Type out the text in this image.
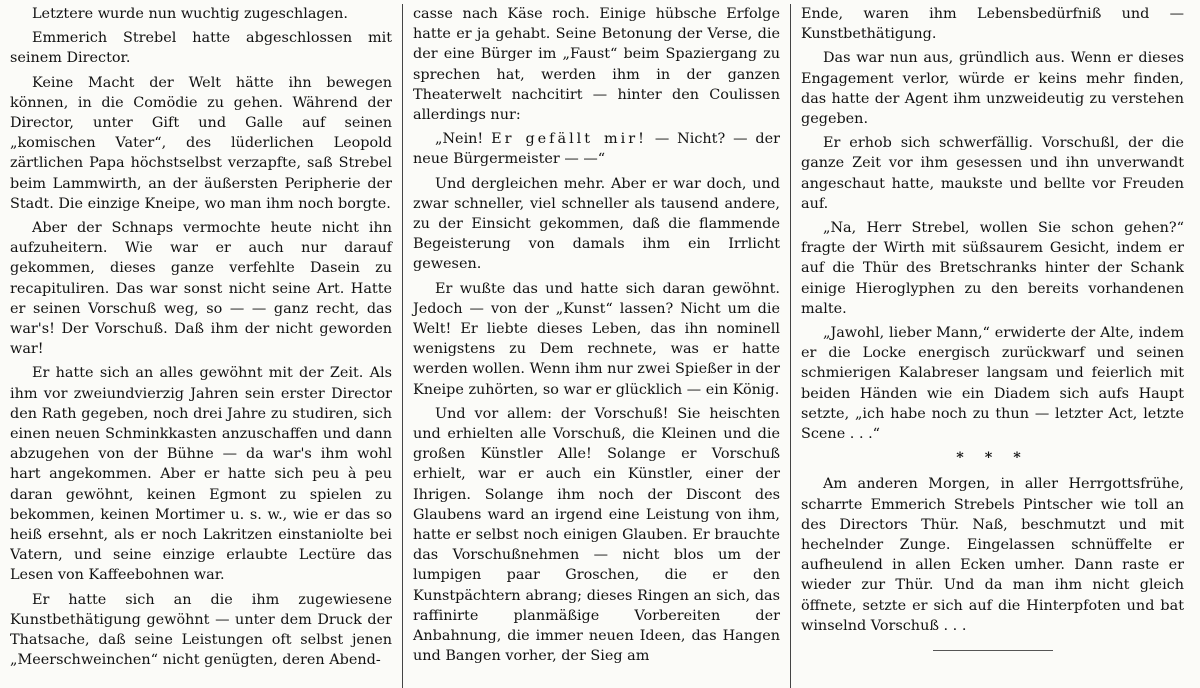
Letztere wurde nun wuchtig zugeschlagen.

Emmerich Strebel hatte abgeschlossen mit seinem Director.

Keine Macht der Welt hätte ihn bewegen können, in die Comödie zu gehen. Während der Director, unter Gift und Galle auf seinen „komischen Vater“, des lüderlichen Leopold zärtlichen Papa höchstselbst verzapfte, saß Strebel beim Lammwirth, an der äußersten Peripherie der Stadt. Die einzige Kneipe, wo man ihm noch borgte.

Aber der Schnaps vermochte heute nicht ihn aufzuheitern. Wie war er auch nur darauf gekommen, dieses ganze verfehlte Dasein zu recapituliren. Das war sonst nicht seine Art. Hatte er seinen Vorschuß weg, so — — ganz recht, das war's! Der Vorschuß. Daß ihm der nicht geworden war!

Er hatte sich an alles gewöhnt mit der Zeit. Als ihm vor zweiundvierzig Jahren sein erster Director den Rath gegeben, noch drei Jahre zu studiren, sich einen neuen Schminkkasten anzuschaffen und dann abzugehen von der Bühne — da war's ihm wohl hart angekommen. Aber er hatte sich peu à peu daran gewöhnt, keinen Egmont zu spielen zu bekommen, keinen Mortimer u. s. w., wie er das so heiß ersehnt, als er noch Lakritzen einstaniolte bei Vatern, und seine einzige erlaubte Lectüre das Lesen von Kaffeebohnen war.

Er hatte sich an die ihm zugewiesene Kunstbethätigung gewöhnt — unter dem Druck der Thatsache, daß seine Leistungen oft selbst jenen „Meerschweinchen“ nicht genügten, deren Abend-

casse nach Käse roch. Einige hübsche Erfolge hatte er ja gehabt. Seine Betonung der Verse, die der eine Bürger im „Faust“ beim Spaziergang zu sprechen hat, werden ihm in der ganzen Theaterwelt nachcitirt — hinter den Coulissen allerdings nur:

„Nein! Er gefällt mir! — Nicht? — der neue Bürgermeister — —“

Und dergleichen mehr. Aber er war doch, und zwar schneller, viel schneller als tausend andere, zu der Einsicht gekommen, daß die flammende Begeisterung von damals ihm ein Irrlicht gewesen.

Er wußte das und hatte sich daran gewöhnt. Jedoch — von der „Kunst“ lassen? Nicht um die Welt! Er liebte dieses Leben, das ihn nominell wenigstens zu Dem rechnete, was er hatte werden wollen. Wenn ihm nur zwei Spießer in der Kneipe zuhörten, so war er glücklich — ein König.

Und vor allem: der Vorschuß! Sie heischten und erhielten alle Vorschuß, die Kleinen und die großen Künstler Alle! Solange er Vorschuß erhielt, war er auch ein Künstler, einer der Ihrigen. Solange ihm noch der Discont des Glaubens ward an irgend eine Leistung von ihm, hatte er selbst noch einigen Glauben. Er brauchte das Vorschußnehmen — nicht blos um der lumpigen paar Groschen, die er den Kunstpächtern abrang; dieses Ringen an sich, das raffinirte planmäßige Vorbereiten der Anbahnung, die immer neuen Ideen, das Hangen und Bangen vorher, der Sieg am

Ende, waren ihm Lebensbedürfniß und — Kunstbethätigung.

Das war nun aus, gründlich aus. Wenn er dieses Engagement verlor, würde er keins mehr finden, das hatte der Agent ihm unzweideutig zu verstehen gegeben.

Er erhob sich schwerfällig. Vorschußl, der die ganze Zeit vor ihm gesessen und ihn unverwandt angeschaut hatte, maukste und bellte vor Freuden auf.

„Na, Herr Strebel, wollen Sie schon gehen?“ fragte der Wirth mit süßsaurem Gesicht, indem er auf die Thür des Bretschranks hinter der Schank einige Hieroglyphen zu den bereits vorhandenen malte.

„Jawohl, lieber Mann,“ erwiderte der Alte, indem er die Locke energisch zurückwarf und seinen schmierigen Kalabreser langsam und feierlich mit beiden Händen wie ein Diadem sich aufs Haupt setzte, „ich habe noch zu thun — letzter Act, letzte Scene . . .“

* * *

Am anderen Morgen, in aller Herrgottsfrühe, scharrte Emmerich Strebels Pintscher wie toll an des Directors Thür. Naß, beschmutzt und mit hechelnder Zunge. Eingelassen schnüffelte er aufheulend in allen Ecken umher. Dann raste er wieder zur Thür. Und da man ihm nicht gleich öffnete, setzte er sich auf die Hinterpfoten und bat winselnd Vorschuß . . .
